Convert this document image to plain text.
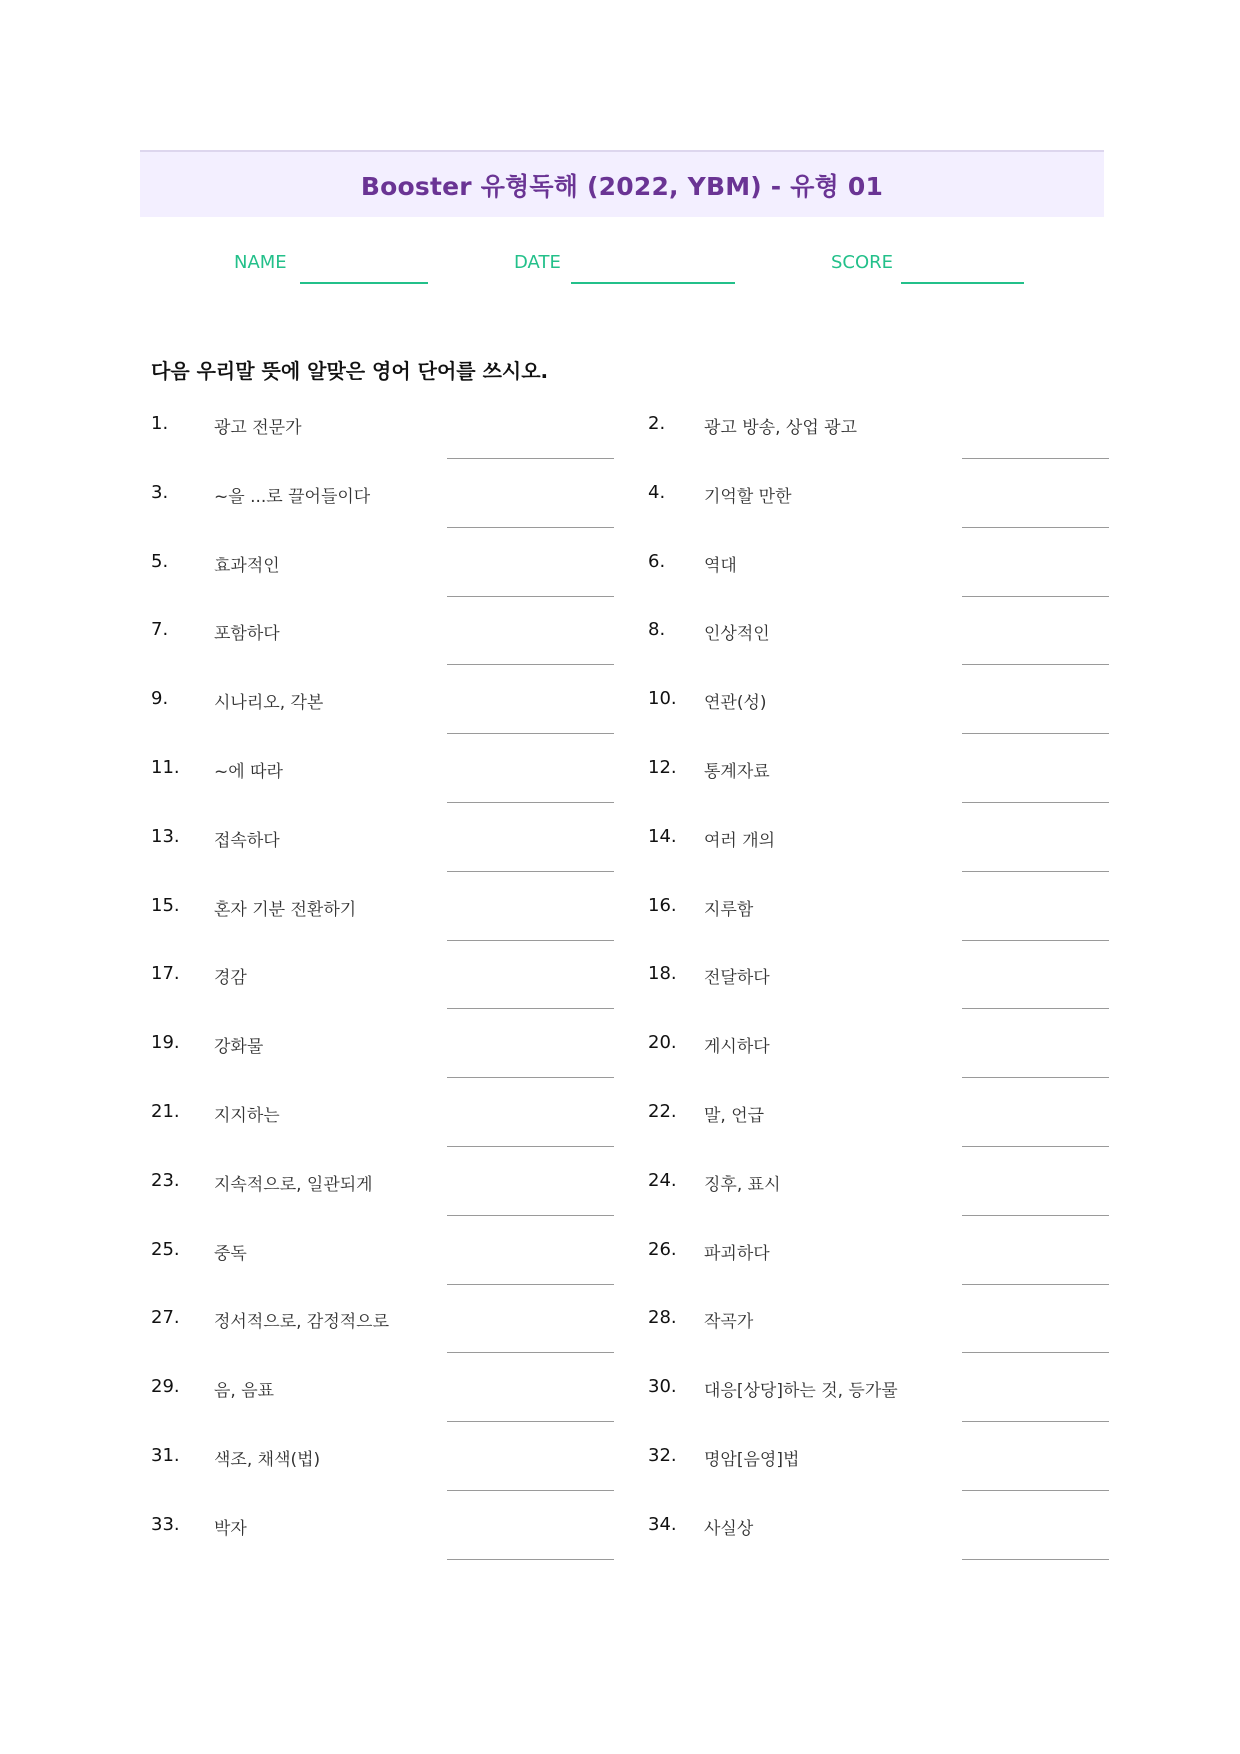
Booster 유형독해 (2022, YBM) - 유형 01
NAME	DATE	SCORE
다음 우리말 뜻에 알맞은 영어 단어를 쓰시오.
1.	광고 전문가	2. 광고 방송, 상업 광고
3.	~을 ...로 끌어들이다	4. 기억할 만한
5.	효과적인	6. 역대
7.	포함하다	8. 인상적인
9.	시나리오, 각본	10. 연관(성)
11. ~에 따라	12. 통계자료
13. 접속하다	14. 여러 개의
15. 혼자 기분 전환하기	16. 지루함
17. 경감	18. 전달하다
19. 강화물	20. 게시하다
21. 지지하는	22. 말, 언급
23. 지속적으로, 일관되게	24. 징후, 표시
25. 중독	26. 파괴하다
27. 정서적으로, 감정적으로	28. 작곡가
29. 음, 음표	30. 대응[상당]하는 것, 등가물
31. 색조, 채색(법)	32. 명암[음영]법
33. 박자	34. 사실상
